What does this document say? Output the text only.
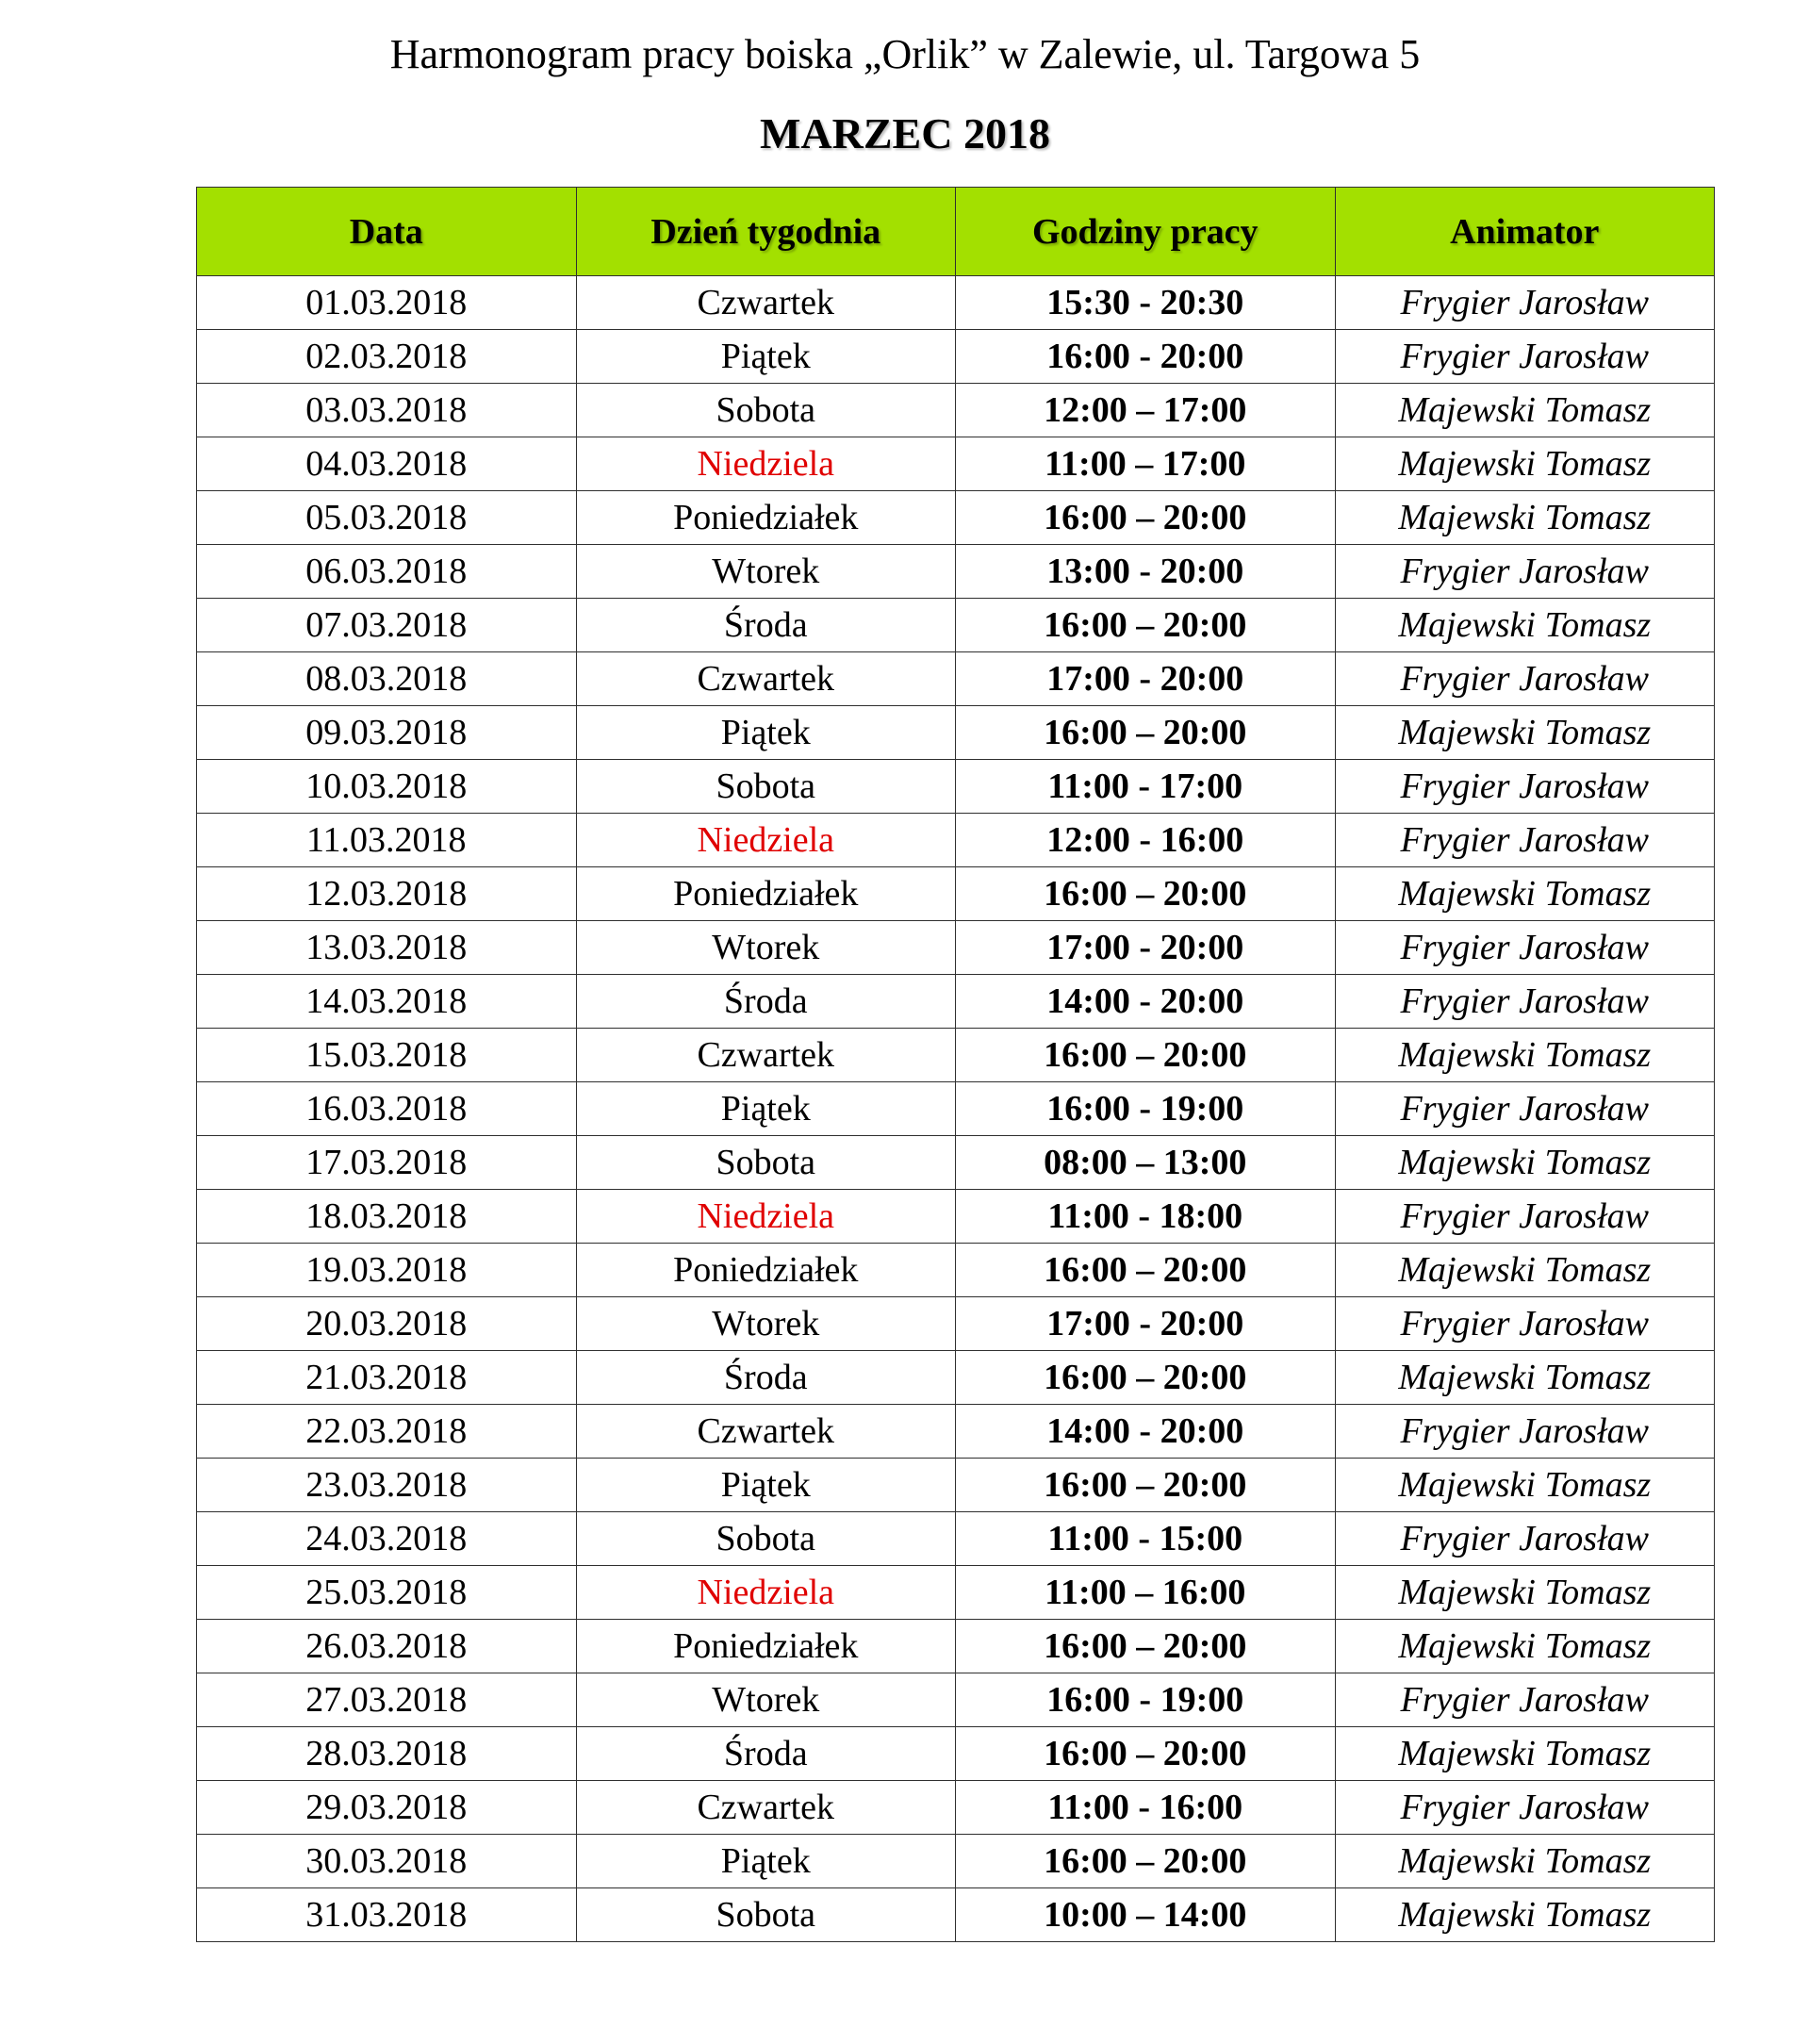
Harmonogram pracy boiska „Orlik” w Zalewie, ul. Targowa 5
MARZEC 2018
Data	Dzień tygodnia	Godziny pracy	Animator
01.03.2018	Czwartek	15:30 - 20:30	Frygier Jarosław
02.03.2018	Piątek	16:00 - 20:00	Frygier Jarosław
03.03.2018	Sobota	12:00 – 17:00	Majewski Tomasz
04.03.2018	Niedziela	11:00 – 17:00	Majewski Tomasz
05.03.2018	Poniedziałek	16:00 – 20:00	Majewski Tomasz
06.03.2018	Wtorek	13:00 - 20:00	Frygier Jarosław
07.03.2018	Środa	16:00 – 20:00	Majewski Tomasz
08.03.2018	Czwartek	17:00 - 20:00	Frygier Jarosław
09.03.2018	Piątek	16:00 – 20:00	Majewski Tomasz
10.03.2018	Sobota	11:00 - 17:00	Frygier Jarosław
11.03.2018	Niedziela	12:00 - 16:00	Frygier Jarosław
12.03.2018	Poniedziałek	16:00 – 20:00	Majewski Tomasz
13.03.2018	Wtorek	17:00 - 20:00	Frygier Jarosław
14.03.2018	Środa	14:00 - 20:00	Frygier Jarosław
15.03.2018	Czwartek	16:00 – 20:00	Majewski Tomasz
16.03.2018	Piątek	16:00 - 19:00	Frygier Jarosław
17.03.2018	Sobota	08:00 – 13:00	Majewski Tomasz
18.03.2018	Niedziela	11:00 - 18:00	Frygier Jarosław
19.03.2018	Poniedziałek	16:00 – 20:00	Majewski Tomasz
20.03.2018	Wtorek	17:00 - 20:00	Frygier Jarosław
21.03.2018	Środa	16:00 – 20:00	Majewski Tomasz
22.03.2018	Czwartek	14:00 - 20:00	Frygier Jarosław
23.03.2018	Piątek	16:00 – 20:00	Majewski Tomasz
24.03.2018	Sobota	11:00 - 15:00	Frygier Jarosław
25.03.2018	Niedziela	11:00 – 16:00	Majewski Tomasz
26.03.2018	Poniedziałek	16:00 – 20:00	Majewski Tomasz
27.03.2018	Wtorek	16:00 - 19:00	Frygier Jarosław
28.03.2018	Środa	16:00 – 20:00	Majewski Tomasz
29.03.2018	Czwartek	11:00 - 16:00	Frygier Jarosław
30.03.2018	Piątek	16:00 – 20:00	Majewski Tomasz
31.03.2018	Sobota	10:00 – 14:00	Majewski Tomasz
